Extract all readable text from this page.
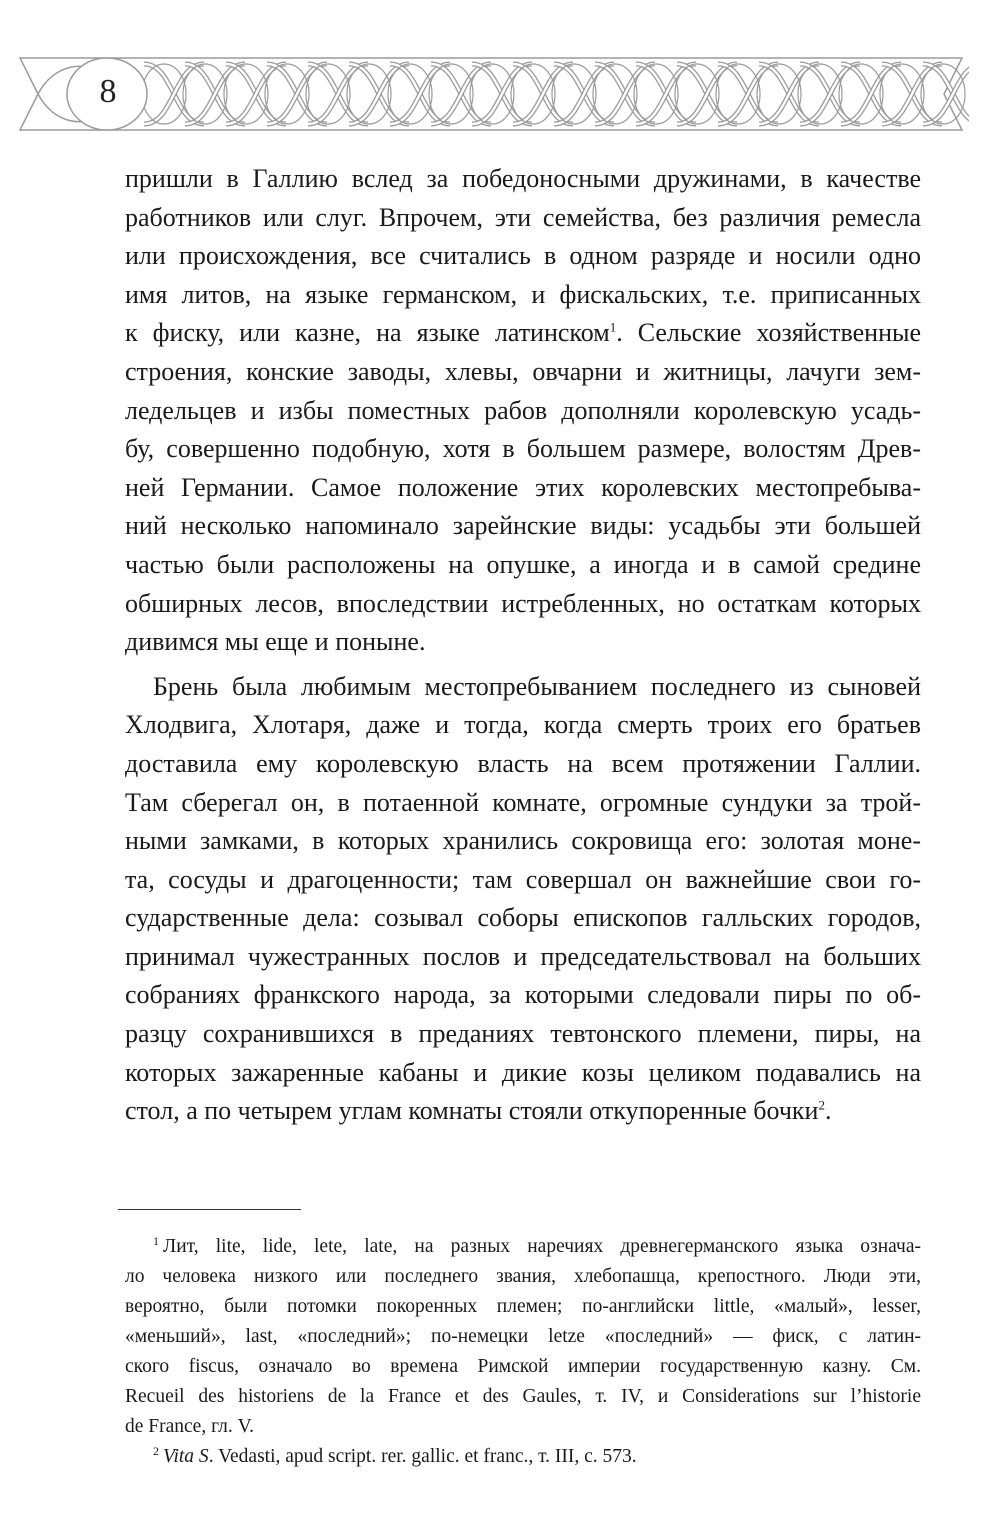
8
пришли в Галлию вслед за победоносными дружинами, в качестве
работников или слуг. Впрочем, эти семейства, без различия ремесла
или происхождения, все считались в одном разряде и носили одно
имя литов, на языке германском, и фискальских, т.е. приписанных
к фиску, или казне, на языке латинском$^1$. Сельские хозяйственные
строения, конские заводы, хлевы, овчарни и житницы, лачуги зем-
ледельцев и избы поместных рабов дополняли королевскую усадь-
бу, совершенно подобную, хотя в большем размере, волостям Древ-
ней Германии. Самое положение этих королевских местопребыва-
ний несколько напоминало зарейнские виды: усадьбы эти большей
частью были расположены на опушке, а иногда и в самой средине
обширных лесов, впоследствии истребленных, но остаткам которых
дивимся мы еще и поныне.
Брень была любимым местопребыванием последнего из сыновей
Хлодвига, Хлотаря, даже и тогда, когда смерть троих его братьев
доставила ему королевскую власть на всем протяжении Галлии.
Там сберегал он, в потаенной комнате, огромные сундуки за трой-
ными замками, в которых хранились сокровища его: золотая моне-
та, сосуды и драгоценности; там совершал он важнейшие свои го-
сударственные дела: созывал соборы епископов галльских городов,
принимал чужестранных послов и председательствовал на больших
собраниях франкского народа, за которыми следовали пиры по об-
разцу сохранившихся в преданиях тевтонского племени, пиры, на
которых зажаренные кабаны и дикие козы целиком подавались на
стол, а по четырем углам комнаты стояли откупоренные бочки$^2$.
$^1$ Лит, lite, lide, lete, late, на разных наречиях древнегерманского языка означа-
ло человека низкого или последнего звания, хлебопашца, крепостного. Люди эти,
вероятно, были потомки покоренных племен; по-английски little, «малый», lesser,
«меньший», last, «последний»; по-немецки letze «последний» — фиск, с латин-
ского fiscus, означало во времена Римской империи государственную казну. См.
Recueil des historiens de la France et des Gaules, т. IV, и Considerations sur l’historie
de France, гл. V.
$^2$ Vita S. Vedasti, apud script. rer. gallic. et franc., т. III, с. 573.
